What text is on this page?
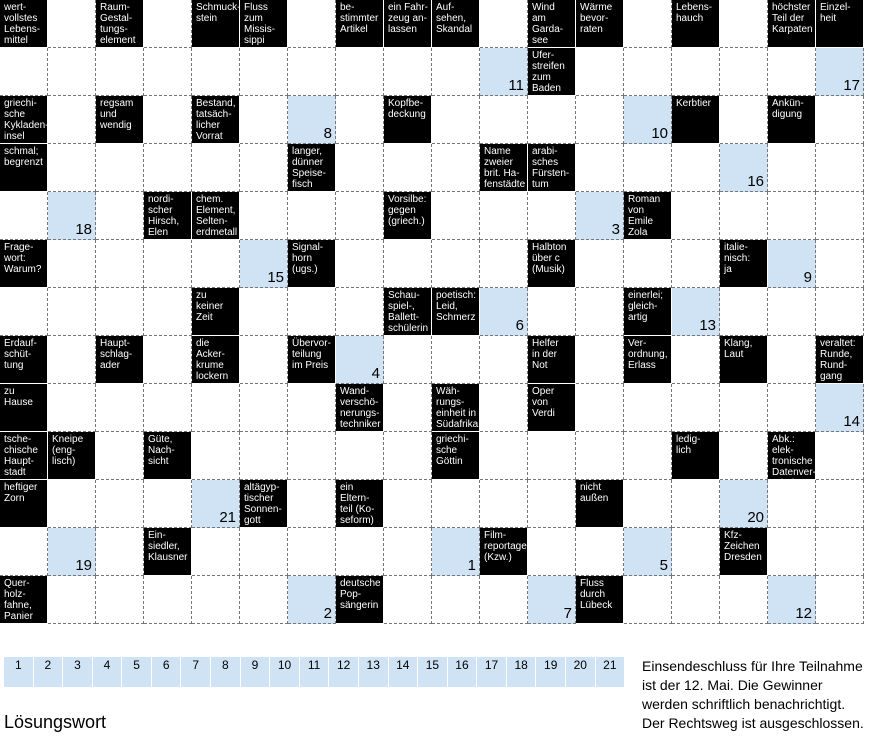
wert-
vollstes
Lebens-
mittel
Raum-
Gestal-
tungs-
element
Schmuck-
stein
Fluss
zum
Missis-
sippi
be-
stimmter
Artikel
ein Fahr-
zeug an-
lassen
Auf-
sehen,
Skandal
Wind
am
Garda-
see
Wärme
bevor-
raten
Lebens-
hauch
höchster
Teil der
Karpaten
Einzel-
heit
11
Ufer-
streifen
zum
Baden	17
griechi-
sche
Kykladen-
insel
regsam
und
wendig
Bestand,
tatsäch-
licher
Vorrat	8
Kopfbe-
deckung
10
Kerbtier	Ankün-
digung
schmal;
begrenzt
langer,
dünner
Speise-
fisch
Name
zweier
brit. Ha-
fenstädte
arabi-
sches
Fürsten-
tum	16
18
nordi-
scher
Hirsch,
Elen
chem.
Element,
Selten-
erdmetall
Vorsilbe:
gegen
(griech.)	3
Roman
von
Emile
Zola
Frage-
wort:
Warum?	15
Signal-
horn
(ugs.)
Halbton
über c
(Musik)
italie-
nisch:
ja	9
zu
keiner
Zeit
Schau-
spiel-,
Ballett-
schülerin
poetisch:
Leid,
Schmerz	6
einerlei;
gleich-
artig	13
Erdauf-
schüt-
tung
Haupt-
schlag-
ader
die
Acker-
krume
lockern
Übervor-
teilung
im Preis	4
Helfer
in der
Not
Ver-
ordnung,
Erlass
Klang,
Laut
veraltet:
Runde,
Rund-
gang
zu
Hause
Wand-
verschö-
nerungs-
techniker
Wäh-
rungs-
einheit in
Südafrika
Oper
von
Verdi	14
tsche-
chische
Haupt-
stadt
Kneipe
(eng-
lisch)
Güte,
Nach-
sicht
griechi-
sche
Göttin
ledig-
lich
Abk.: elek-
tronische
Datenver-
arbeitung
heftiger
Zorn
21
altägyp-
tischer
Sonnen-
gott
ein
Eltern-
teil (Ko-
seform)
nicht
außen
20
19
Ein-
siedler,
Klausner	1
Film-
reportage
(Kzw.)	5
Kfz-
Zeichen
Dresden
Quer-
holz-
fahne,
Panier	2
deutsche
Pop-
sängerin	7
Fluss
durch
Lübeck	12
1	2	3	4	5	6	7	8	9	10	11	12	13	14	15	16	17	18	19	20	21
Lösungswort
Einsendeschluss für Ihre Teilnahme
ist der 12. Mai. Die Gewinner
werden schriftlich benachrichtigt.
Der Rechtsweg ist ausgeschlossen.
